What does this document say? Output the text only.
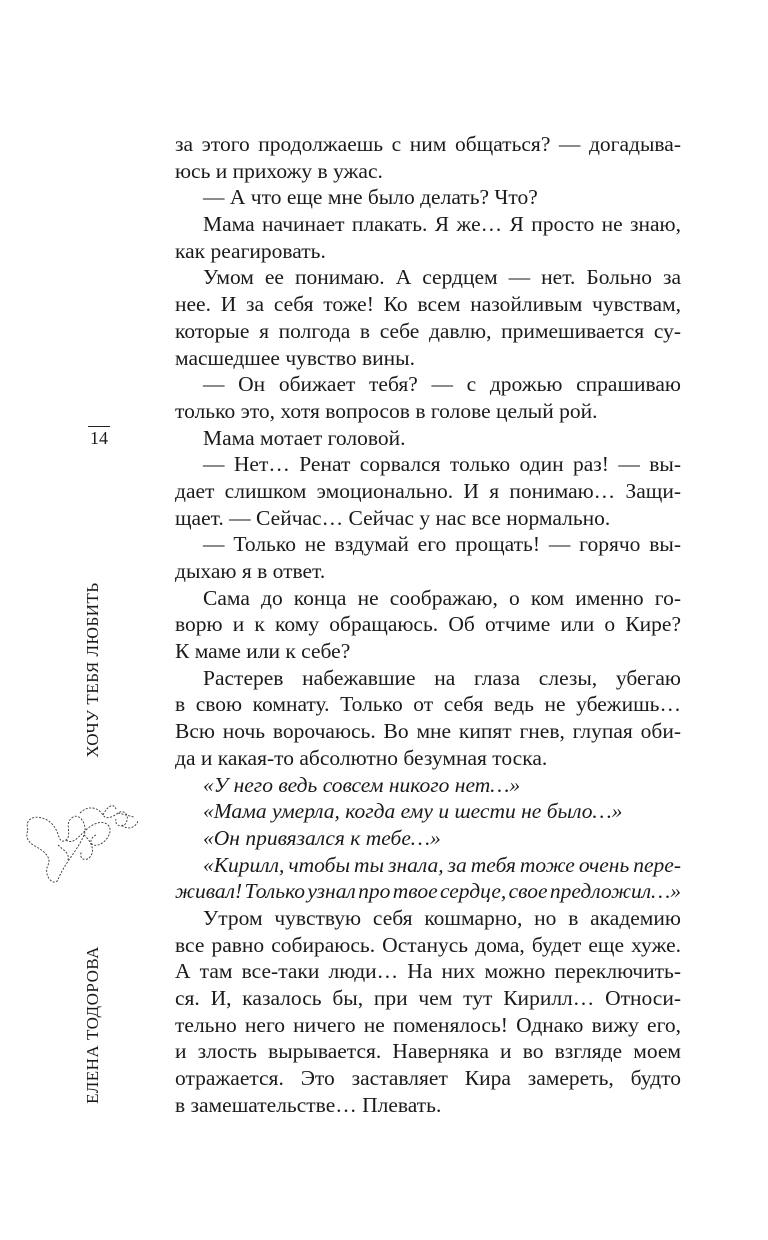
14
ХОЧУ ТЕБЯ ЛЮБИТЬ
ЕЛЕНА ТОДОРОВА
за этого продолжаешь с ним общаться? — догадыва-
юсь и прихожу в ужас.
— А что еще мне было делать? Что?
Мама начинает плакать. Я же… Я просто не знаю,
как реагировать.
Умом ее понимаю. А сердцем — нет. Больно за
нее. И за себя тоже! Ко всем назойливым чувствам,
которые я полгода в себе давлю, примешивается су-
масшедшее чувство вины.
— Он обижает тебя? — с дрожью спрашиваю
только это, хотя вопросов в голове целый рой.
Мама мотает головой.
— Нет… Ренат сорвался только один раз! — вы-
дает слишком эмоционально. И я понимаю… Защи-
щает. — Сейчас… Сейчас у нас все нормально.
— Только не вздумай его прощать! — горячо вы-
дыхаю я в ответ.
Сама до конца не соображаю, о ком именно го-
ворю и к кому обращаюсь. Об отчиме или о Кире?
К маме или к себе?
Растерев набежавшие на глаза слезы, убегаю
в свою комнату. Только от себя ведь не убежишь…
Всю ночь ворочаюсь. Во мне кипят гнев, глупая оби-
да и какая-то абсолютно безумная тоска.
«У него ведь совсем никого нет…»
«Мама умерла, когда ему и шести не было…»
«Он привязался к тебе…»
«Кирилл, чтобы ты знала, за тебя тоже очень пере-
живал! Только узнал про твое сердце, свое предложил…»
Утром чувствую себя кошмарно, но в академию
все равно собираюсь. Останусь дома, будет еще хуже.
А там все-таки люди… На них можно переключить-
ся. И, казалось бы, при чем тут Кирилл… Относи-
тельно него ничего не поменялось! Однако вижу его,
и злость вырывается. Наверняка и во взгляде моем
отражается. Это заставляет Кира замереть, будто
в замешательстве… Плевать.
